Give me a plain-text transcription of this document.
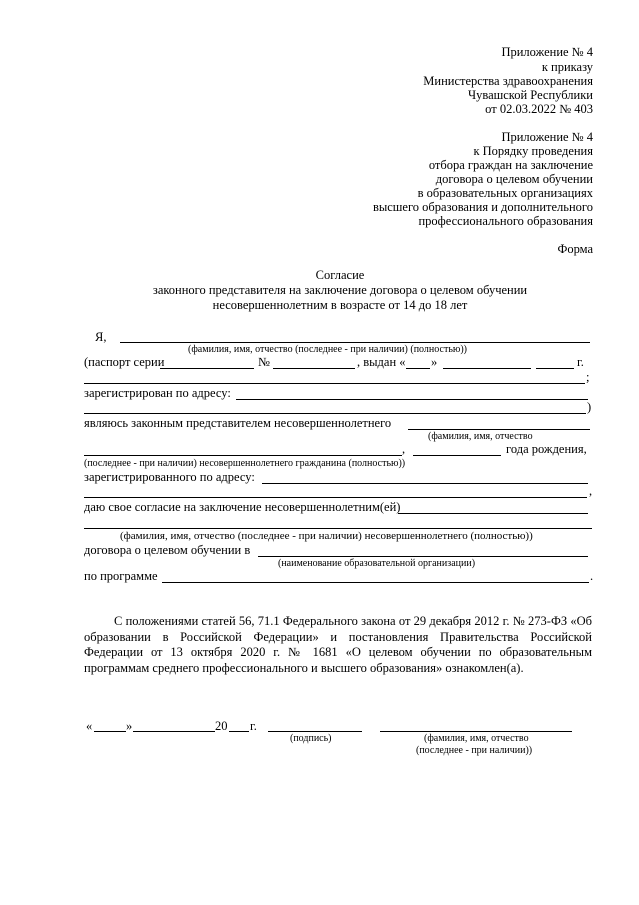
Приложение № 4
к приказу
Министерства здравоохранения
Чувашской Республики
от 02.03.2022 № 403
Приложение № 4
к Порядку проведения
отбора граждан на заключение
договора о целевом обучении
в образовательных организациях
высшего образования и дополнительного
профессионального образования
Форма
Согласие
законного представителя на заключение договора о целевом обучении
несовершеннолетним в возрасте от 14 до 18 лет
Я,
(фамилия, имя, отчество (последнее - при наличии) (полностью))
(паспорт серии	№	, выдан « »	г.
;
зарегистрирован по адресу:
)
являюсь законным представителем несовершеннолетнего
(фамилия, имя, отчество
,	года рождения,
(последнее - при наличии) несовершеннолетнего гражданина (полностью))
зарегистрированного по адресу:
,
даю свое согласие на заключение несовершеннолетним(ей)
(фамилия, имя, отчество (последнее - при наличии) несовершеннолетнего (полностью))
договора о целевом обучении в
(наименование образовательной организации)
по программе	.
С положениями статей 56, 71.1 Федерального закона от 29 декабря 2012 г. № 273-ФЗ «Об образовании в Российской Федерации» и постановления Правительства Российской Федерации от 13 октября 2020 г. № 1681 «О целевом обучении по образовательным программам среднего профессионального и высшего образования» ознакомлен(а).
«	»	20 г.
(подпись)	(фамилия, имя, отчество
(последнее - при наличии))
